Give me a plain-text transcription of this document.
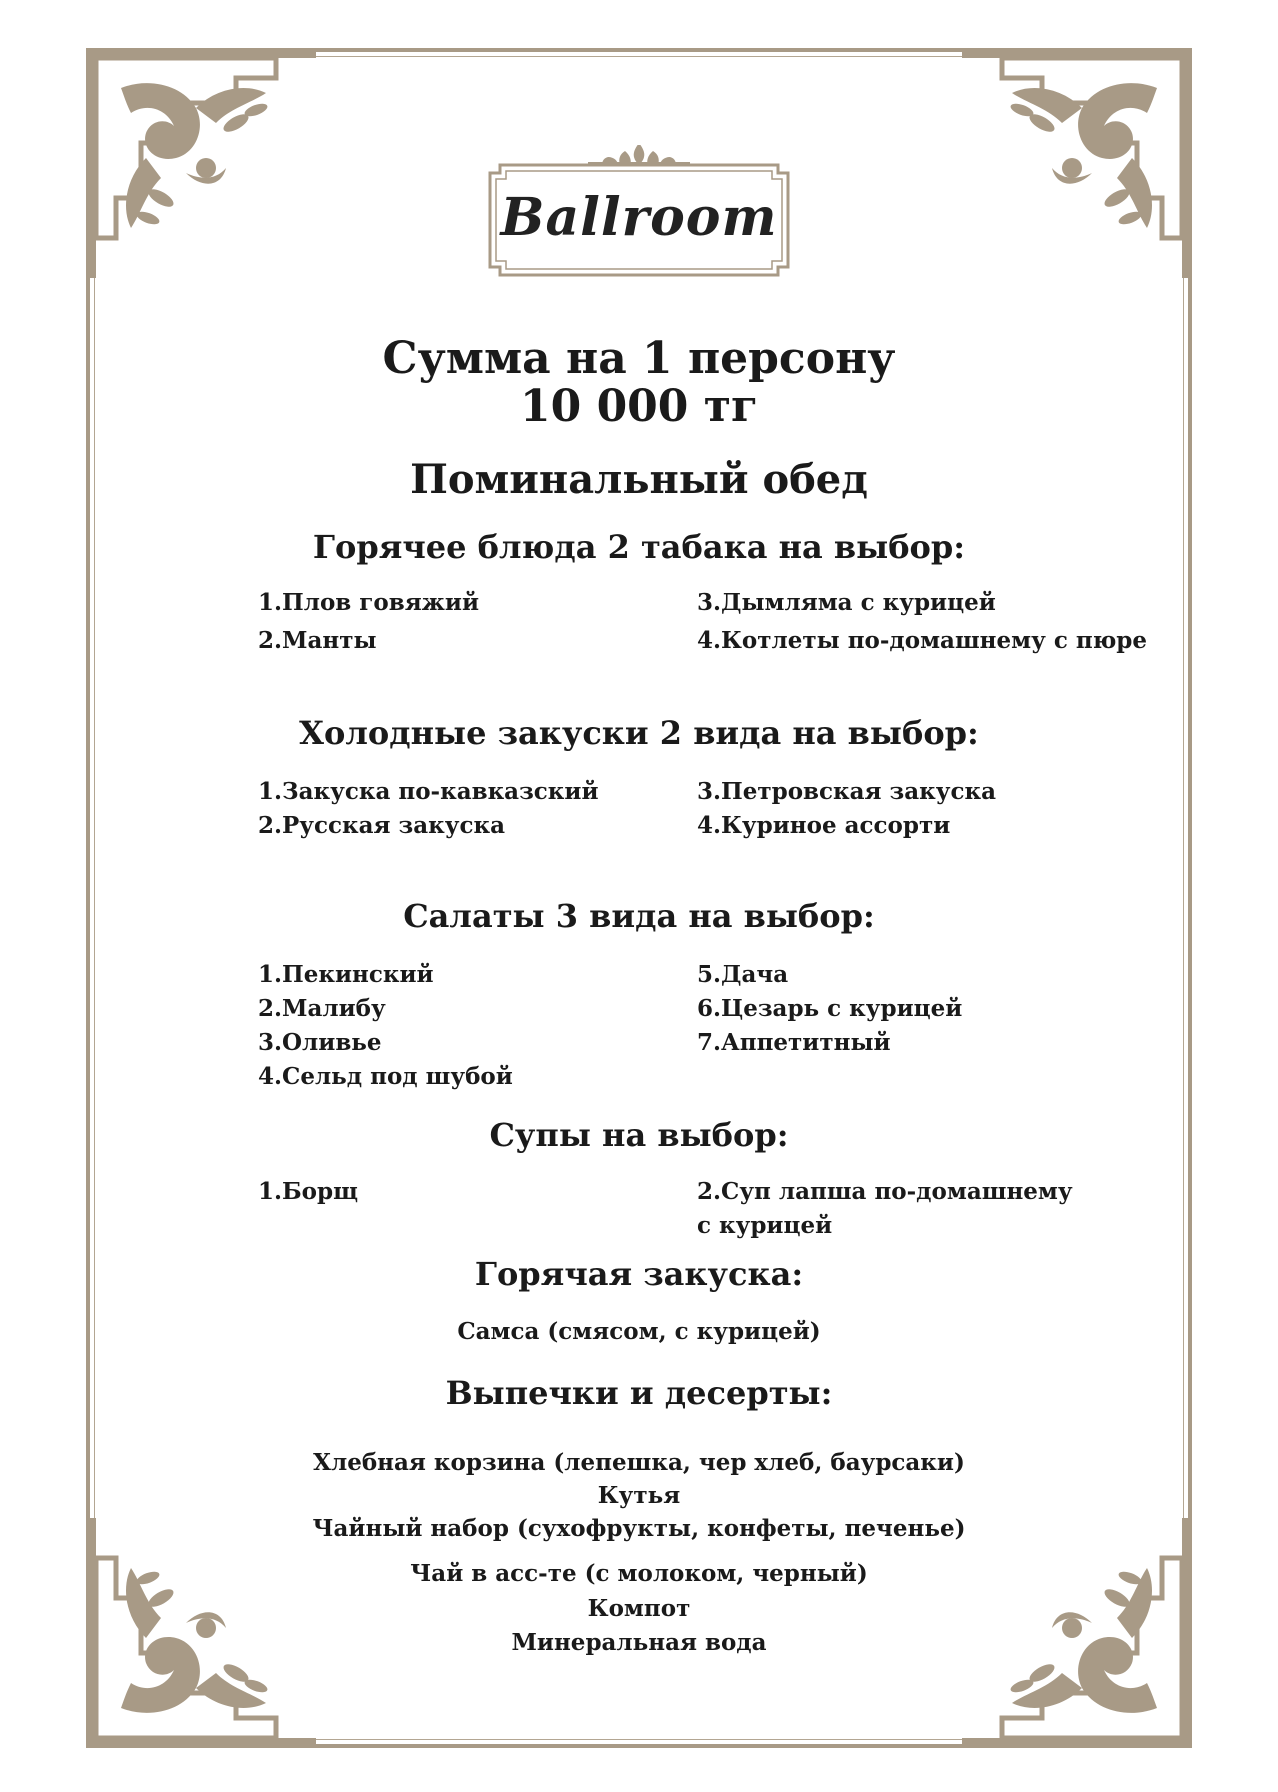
Ballroom
Сумма на 1 персону
10 000 тг
Поминальный обед
Горячее блюда 2 табака на выбор:
1.Плов говяжий
2.Манты
3.Дымляма с курицей
4.Котлеты по-домашнему с пюре
Холодные закуски 2 вида на выбор:
1.Закуска по-кавказский
2.Русская закуска
3.Петровская закуска
4.Куриное ассорти
Салаты 3 вида на выбор:
1.Пекинский
2.Малибу
3.Оливье
4.Сельд под шубой
5.Дача
6.Цезарь с курицей
7.Аппетитный
Супы на выбор:
1.Борщ	2.Суп лапша по-домашнему
с курицей
Горячая закуска:
Самса (смясом, с курицей)
Выпечки и десерты:
Хлебная корзина (лепешка, чер хлеб, баурсаки)
Кутья
Чайный набор (сухофрукты, конфеты, печенье)
Чай в асс-те (с молоком, черный)
Компот
Минеральная вода
